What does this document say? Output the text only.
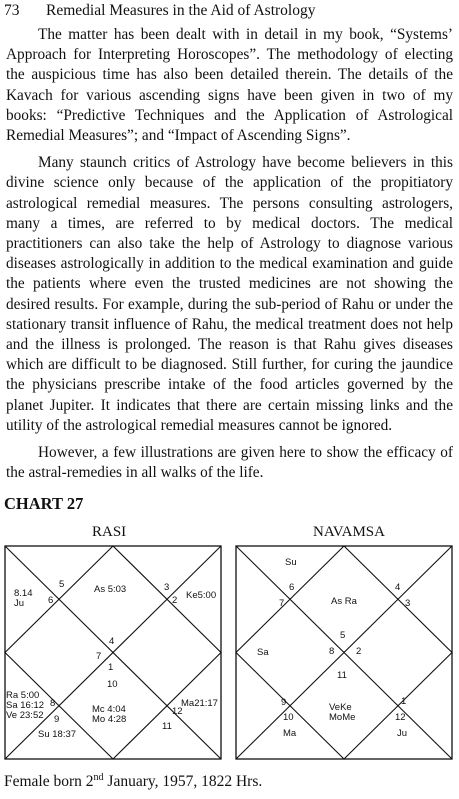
73 Remedial Measures in the Aid of Astrology

The matter has been dealt with in detail in my book, “Systems’ Approach for Interpreting Horoscopes”. The methodology of electing the auspicious time has also been detailed therein. The details of the Kavach for various ascending signs have been given in two of my books: “Predictive Techniques and the Application of Astrological Remedial Measures”; and “Impact of Ascending Signs”.

Many staunch critics of Astrology have become believers in this divine science only because of the application of the propitiatory astrological remedial measures. The persons consulting astrologers, many a times, are referred to by medical doctors. The medical practitioners can also take the help of Astrology to diagnose various diseases astrologically in addition to the medical examination and guide the patients where even the trusted medicines are not showing the desired results. For example, during the sub-period of Rahu or under the stationary transit influence of Rahu, the medical treatment does not help and the illness is prolonged. The reason is that Rahu gives diseases which are difficult to be diagnosed. Still further, for curing the jaundice the physicians prescribe intake of the food articles governed by the planet Jupiter. It indicates that there are certain missing links and the utility of the astrological remedial measures cannot be ignored.

However, a few illustrations are given here to show the efficacy of the astral-remedies in all walks of the life.

CHART 27
RASI	NAVAMSA
As 5:03
4
3
Ke5:00
2
5
8.14
Ju	6
7
1
Mc 4:04
Mo 4:28
10
Ra 5:00
Sa 16:12
Ve 23:52
8
Su 18:37
9
11
Ma21:17
12
As Ra
5
Su
6
7
Sa	8
4
3
2
VeKe
MoMe
11
9
Ma
10
Ju
12
1
Female born 2nd January, 1957, 1822 Hrs.
